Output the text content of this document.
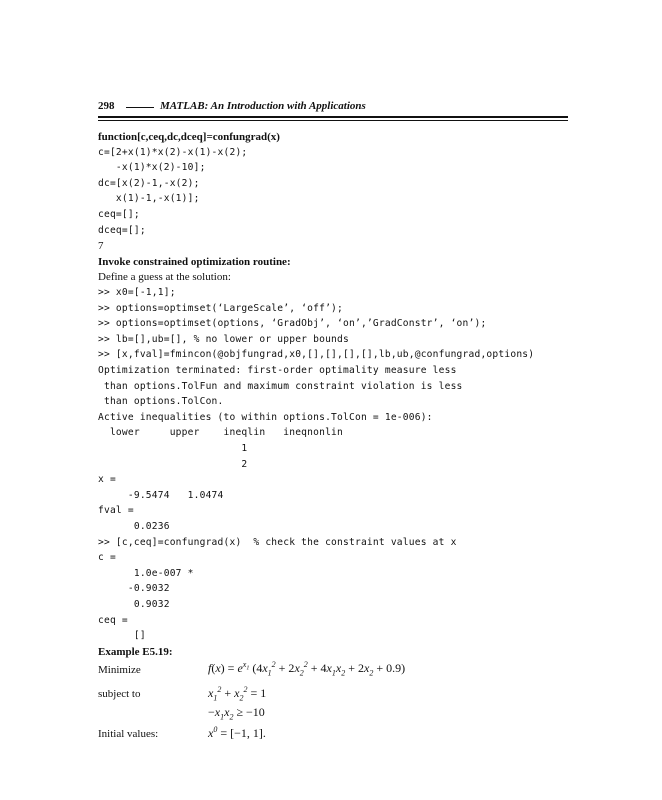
298	MATLAB: An Introduction with Applications
function[c,ceq,dc,dceq]=confungrad(x)
c=[2+x(1)*x(2)-x(1)-x(2);
-x(1)*x(2)-10];
dc=[x(2)-1,-x(2);
x(1)-1,-x(1)];
ceq=[];
dceq=[];
7
Invoke constrained optimization routine:
Define a guess at the solution:
>> x0=[-1,1];
>> options=optimset(‘LargeScale’, ‘off’);
>> options=optimset(options, ‘GradObj’, ‘on’,’GradConstr’, ‘on’);
>> lb=[],ub=[], % no lower or upper bounds
>> [x,fval]=fmincon(@objfungrad,x0,[],[],[],[],lb,ub,@confungrad,options)
Optimization terminated: first-order optimality measure less
than options.TolFun and maximum constraint violation is less
than options.TolCon.
Active inequalities (to within options.TolCon = 1e-006):
lower     upper    ineqlin   ineqnonlin
1
2
x =
-9.5474   1.0474
fval =
0.0236
>> [c,ceq]=confungrad(x)  % check the constraint values at x
c =
1.0e-007 *
-0.9032
0.9032
ceq =
[]
Example E5.19:
Minimize	$f(x) = e^{x_1}$ $(4x_1^2 + 2x_2^2 + 4x_1x_2 + 2x_2 + 0.9)$
subject to	$x_1^2 + x_2^2 = 1$
$-x_1x_2 \ge -10$
Initial values:	$x^0 = [-1$, 1].
